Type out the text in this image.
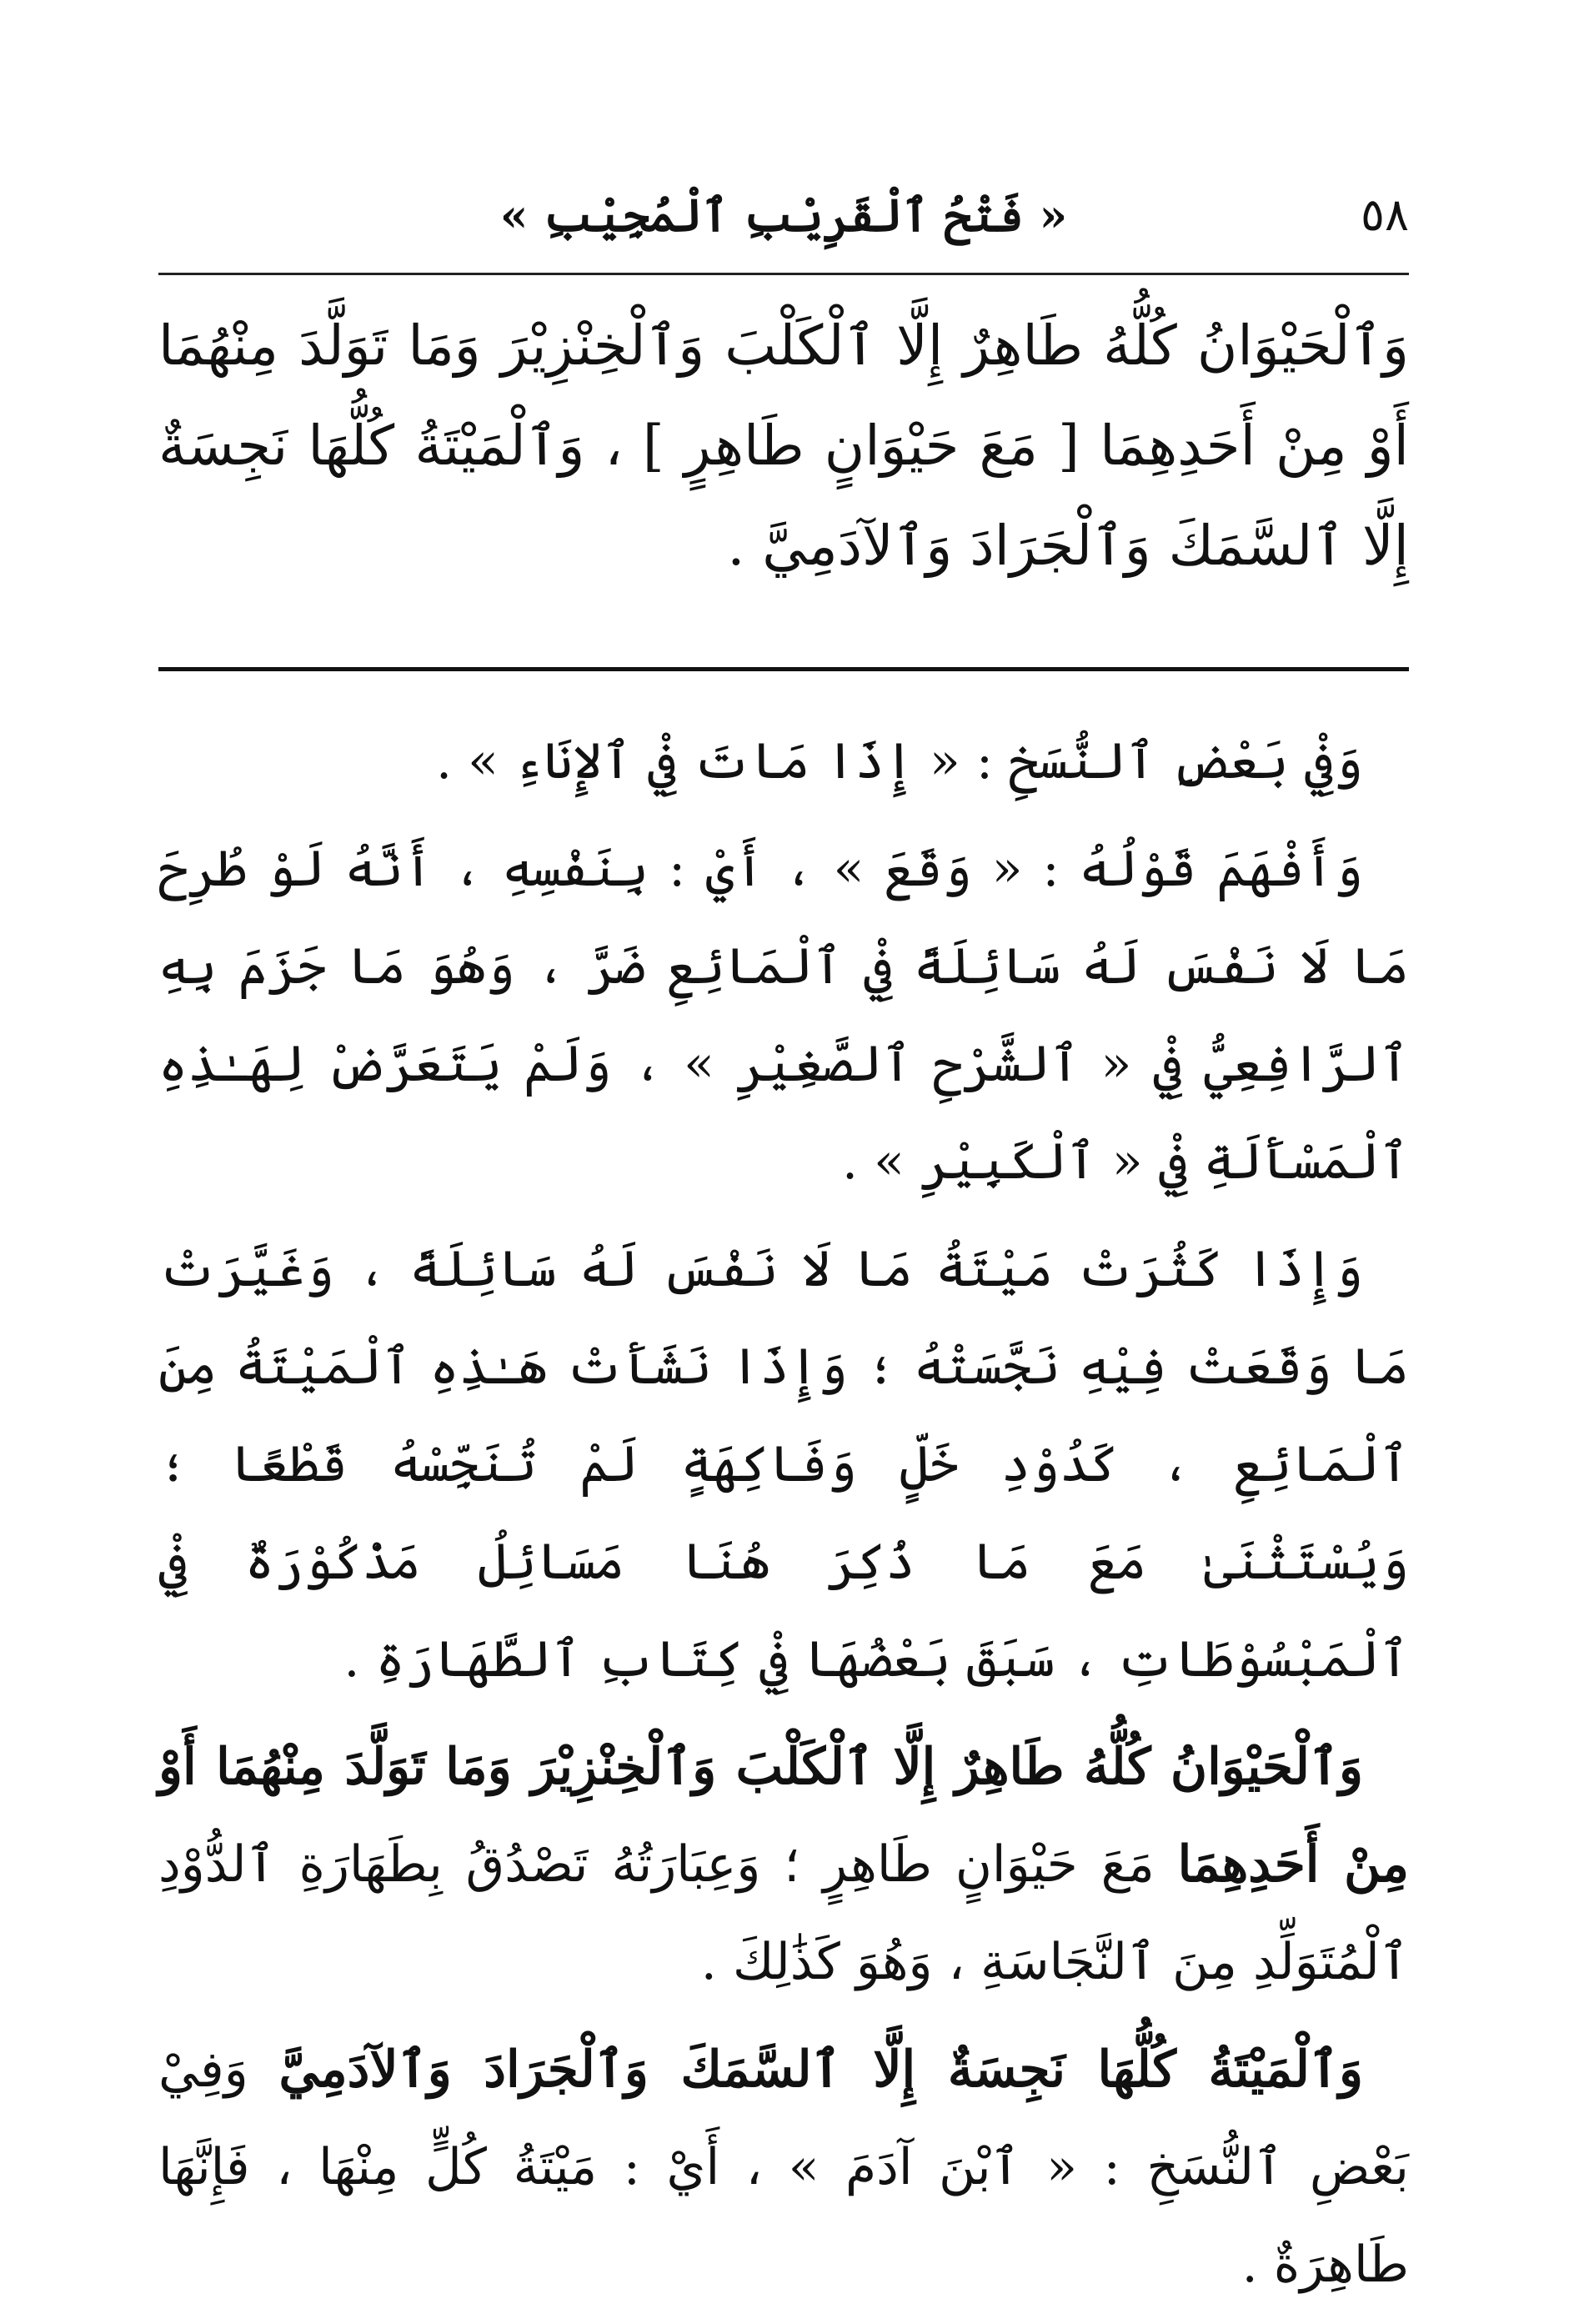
٥٨
« فَتْحُ ٱلْقَرِيْبِ ٱلْمُجِيْبِ »

وَٱلْحَيْوَانُ كُلُّهُ طَاهِرٌ إِلَّا ٱلْكَلْبَ وَٱلْخِنْزِيْرَ وَمَا تَوَلَّدَ مِنْهُمَا أَوْ مِنْ أَحَدِهِمَا [ مَعَ حَيْوَانٍ طَاهِرٍ ] ، وَٱلْمَيْتَةُ كُلُّهَا نَجِسَةٌ إِلَّا ٱلسَّمَكَ وَٱلْجَرَادَ وَٱلآدَمِيَّ .

وَفِيْ بَعْضِ ٱلنُّسَخِ : « إِذَا مَاتَ فِيْ ٱلإِنَاءِ » .

وَأَفْهَمَ قَوْلُهُ : « وَقَعَ » ، أَيْ : بِنَفْسِهِ ، أَنَّهُ لَوْ طُرِحَ مَا لَا نَفْسَ لَهُ سَائِلَةً فِيْ ٱلْمَائِعِ ضَرَّ ، وَهُوَ مَا جَزَمَ بِهِ ٱلرَّافِعِيُّ فِيْ « ٱلشَّرْحِ ٱلصَّغِيْرِ » ، وَلَمْ يَتَعَرَّضْ لِهَـٰذِهِ ٱلْمَسْأَلَةِ فِيْ « ٱلْكَبِيْرِ » .

وَإِذَا كَثُرَتْ مَيْتَةُ مَا لَا نَفْسَ لَهُ سَائِلَةً ، وَغَيَّرَتْ مَا وَقَعَتْ فِيْهِ نَجَّسَتْهُ ؛ وَإِذَا نَشَأَتْ هَـٰذِهِ ٱلْمَيْتَةُ مِنَ ٱلْمَائِعِ ، كَدُوْدِ خَلٍّ وَفَاكِهَةٍ لَمْ تُنَجِّسْهُ قَطْعًا ؛ وَيُسْتَثْنَىٰ مَعَ مَا ذُكِرَ هُنَا مَسَائِلُ مَذْكُوْرَةٌ فِيْ ٱلْمَبْسُوْطَاتِ ، سَبَقَ بَعْضُهَا فِيْ كِتَابِ ٱلطَّهَارَةِ .

وَٱلْحَيْوَانُ كُلُّهُ طَاهِرٌ إِلَّا ٱلْكَلْبَ وَٱلْخِنْزِيْرَ وَمَا تَوَلَّدَ مِنْهُمَا أَوْ مِنْ أَحَدِهِمَا مَعَ حَيْوَانٍ طَاهِرٍ ؛ وَعِبَارَتُهُ تَصْدُقُ بِطَهَارَةِ ٱلدُّوْدِ ٱلْمُتَوَلِّدِ مِنَ ٱلنَّجَاسَةِ ، وَهُوَ كَذَٰلِكَ .

وَٱلْمَيْتَةُ كُلُّهَا نَجِسَةٌ إِلَّا ٱلسَّمَكَ وَٱلْجَرَادَ وَٱلآدَمِيَّ وَفِيْ بَعْضِ ٱلنُّسَخِ : « ٱبْنَ آدَمَ » ، أَيْ : مَيْتَةُ كُلٍّ مِنْهَا ، فَإِنَّهَا طَاهِرَةٌ .
